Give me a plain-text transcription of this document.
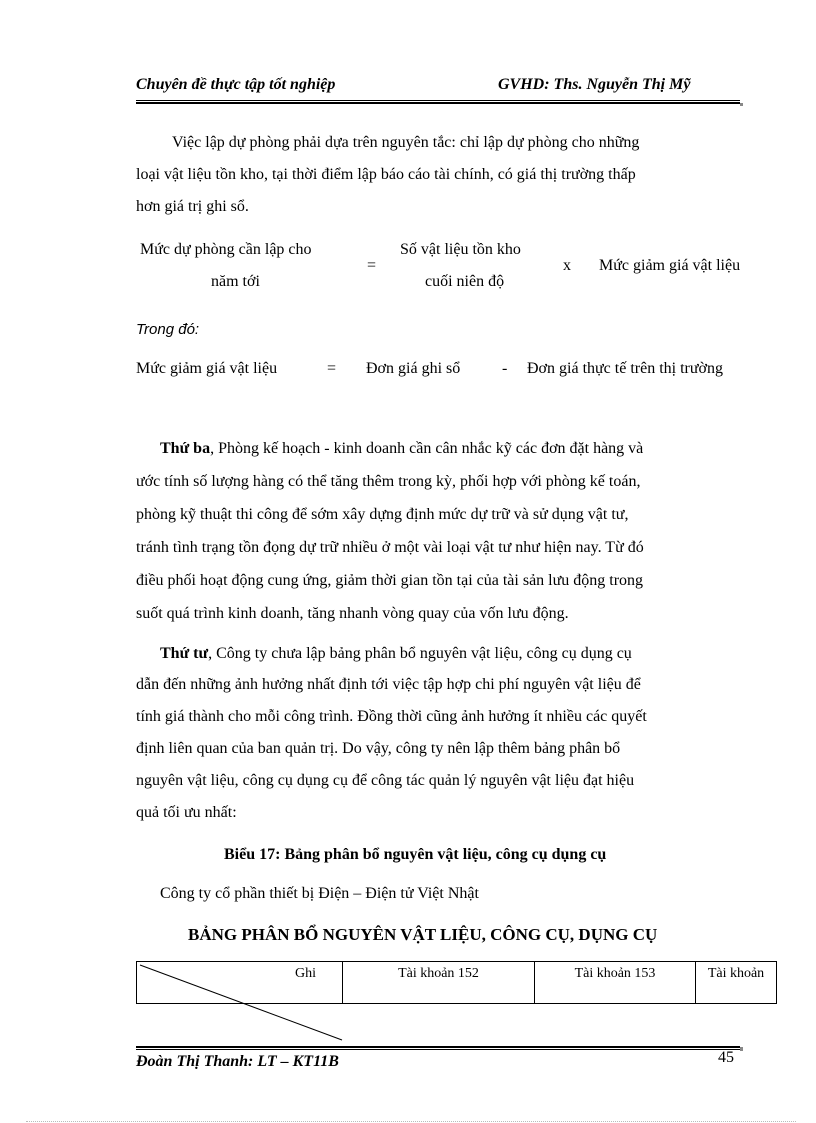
Chuyên đề thực tập tốt nghiệp	GVHD: Ths. Nguyễn Thị Mỹ
Việc lập dự phòng phải dựa trên nguyên tắc: chỉ lập dự phòng cho những
loại vật liệu tồn kho, tại thời điểm lập báo cáo tài chính, có giá thị trường thấp
hơn giá trị ghi sổ.
Mức dự phòng cần lập cho
năm tới
=
Số vật liệu tồn kho
cuối niên độ
x Mức giảm giá vật liệu
Trong đó:
Mức giảm giá vật liệu	= Đơn giá ghi sổ	- Đơn giá thực tế trên thị trường
Thứ ba, Phòng kế hoạch - kinh doanh cần cân nhắc kỹ các đơn đặt hàng và
ước tính số lượng hàng có thể tăng thêm trong kỳ, phối hợp với phòng kế toán,
phòng kỹ thuật thi công để sớm xây dựng định mức dự trữ và sử dụng vật tư,
tránh tình trạng tồn đọng dự trữ nhiều ở một vài loại vật tư như hiện nay. Từ đó
điều phối hoạt động cung ứng, giảm thời gian tồn tại của tài sản lưu động trong
suốt quá trình kinh doanh, tăng nhanh vòng quay của vốn lưu động.
Thứ tư, Công ty chưa lập bảng phân bổ nguyên vật liệu, công cụ dụng cụ
dẫn đến những ảnh hưởng nhất định tới việc tập hợp chi phí nguyên vật liệu để
tính giá thành cho mỗi công trình. Đồng thời cũng ảnh hưởng ít nhiều các quyết
định liên quan của ban quản trị. Do vậy, công ty nên lập thêm bảng phân bổ
nguyên vật liệu, công cụ dụng cụ để công tác quản lý nguyên vật liệu đạt hiệu
quả tối ưu nhất:
Biểu 17: Bảng phân bổ nguyên vật liệu, công cụ dụng cụ
Công ty cổ phần thiết bị Điện – Điện tử Việt Nhật
BẢNG PHÂN BỔ NGUYÊN VẬT LIỆU, CÔNG CỤ, DỤNG CỤ
Ghi	Tài khoản 152	Tài khoản 153	Tài khoản
Đoàn Thị Thanh: LT – KT11B	45
